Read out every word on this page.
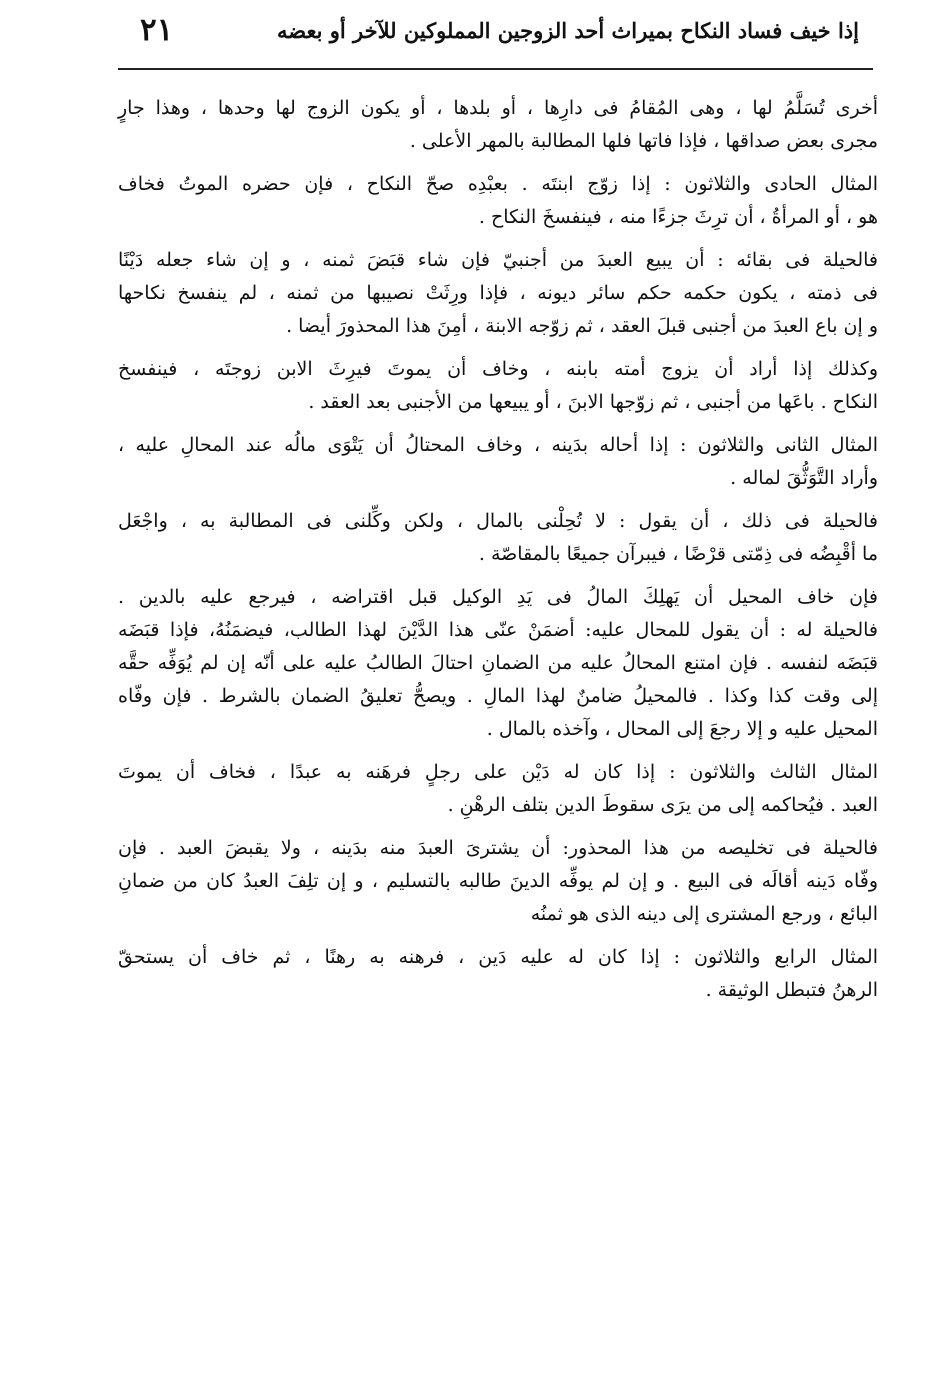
إذا خيف فساد النكاح بميراث أحد الزوجين المملوكين للآخر أو بعضه
٢١

أخرى تُسَلَّمُ لها ، وهى المُقامُ فى دارِها ، أو بلدها ، أو يكون الزوج لها وحدها ، وهذا جارٍ
مجرى بعض صداقها ، فإذا فاتها فلها المطالبة بالمهر الأعلى .

المثال الحادى والثلاثون : إذا زوّج ابنتَه . بعبْدِه صحّ النكاح ، فإن حضره الموتُ فخاف
هو ، أو المرأةُ ، أن ترِثَ جزءًا منه ، فينفسخَ النكاح .

فالحيلة فى بقائه : أن يبيع العبدَ من أجنبيّ فإن شاء قبَضَ ثمنه ، و إن شاء جعله دَيْنًا
فى ذمته ، يكون حكمه حكم سائر ديونه ، فإذا ورِثَتْ نصيبها من ثمنه ، لم ينفسخ نكاحها
و إن باع العبدَ من أجنبى قبلَ العقد ، ثم زوّجه الابنة ، أمِنَ هذا المحذورَ أيضا .

وكذلك إذا أراد أن يزوج أمته بابنه ، وخاف أن يموتَ فيرِثَ الابن زوجتَه ، فينفسخ
النكاح . باعَها من أجنبى ، ثم زوّجها الابنَ ، أو يبيعها من الأجنبى بعد العقد .

المثال الثانى والثلاثون : إذا أحاله بدَينه ، وخاف المحتالُ أن يَتْوَى مالُه عند المحالِ عليه ،
وأراد التَّوَثُّقَ لماله .

فالحيلة فى ذلك ، أن يقول : لا تُحِلْنى بالمال ، ولكن وكِّلنى فى المطالبة به ، واجْعَل
ما أقْبِضُه فى ذِمّتى قرْضًا ، فيبرآن جميعًا بالمقاصّة .

فإن خاف المحيل أن يَهلِكَ المالُ فى يَدِ الوكيل قبل اقتراضه ، فيرجع عليه بالدين .
فالحيلة له : أن يقول للمحال عليه: أضمَنْ عنّى هذا الدَّيْنَ لهذا الطالب، فيضمَنُهُ، فإذا قبَضَه
قبَضَه لنفسه . فإن امتنع المحالُ عليه من الضمانِ احتالَ الطالبُ عليه على أنّه إن لم يُوَفِّه حقَّه
إلى وقت كذا وكذا . فالمحيلُ ضامنٌ لهذا المالِ . ويصحُّ تعليقُ الضمان بالشرط . فإن وفّاه
المحيل عليه و إلا رجعَ إلى المحال ، وآخذه بالمال .

المثال الثالث والثلاثون : إذا كان له دَيْن على رجلٍ فرهَنه به عبدًا ، فخاف أن يموتَ
العبد . فيُحاكمه إلى من يرَى سقوطَ الدين بتلف الرهْنِ .

فالحيلة فى تخليصه من هذا المحذور: أن يشترىَ العبدَ منه بدَينه ، ولا يقبضَ العبد . فإن
وفّاه دَينه أقالَه فى البيع . و إن لم يوفِّه الدينَ طالبه بالتسليم ، و إن تلِفَ العبدُ كان من ضمانِ
البائع ، ورجع المشترى إلى دينه الذى هو ثمنُه

المثال الرابع والثلاثون : إذا كان له عليه دَين ، فرهنه به رهنًا ، ثم خاف أن يستحقّ
الرهنُ فتبطل الوثيقة .
